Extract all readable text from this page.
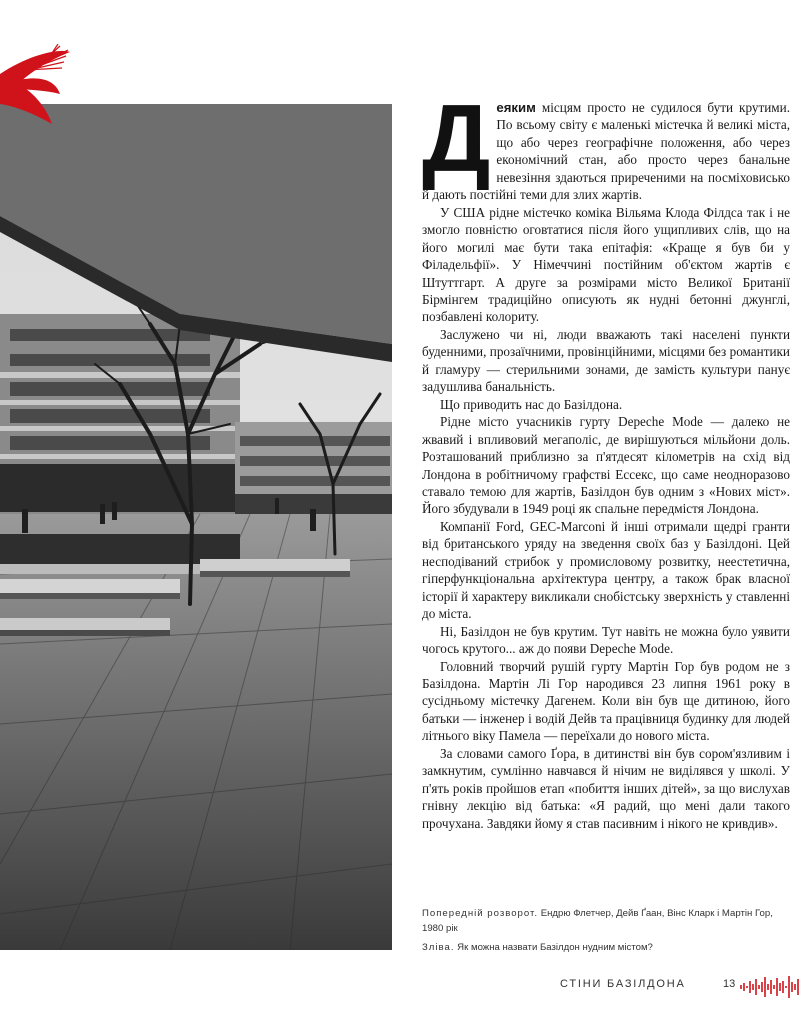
Деяким місцям просто не судилося бути крутими. По всьому світу є маленькі містечка й великі міста, що або через географічне положення, або через економічний стан, або просто через банальне невезіння здаються приреченими на посміховисько й дають постійні теми для злих жартів.

У США рідне містечко коміка Вільяма Клода Філдса так і не змогло повністю оговтатися після його ущипливих слів, що на його могилі має бути така епітафія: «Краще я був би у Філадельфії». У Німеччині постійним об'єктом жартів є Штуттгарт. А друге за розмірами місто Великої Британії Бірмінгем традиційно описують як нудні бетонні джунглі, позбавлені колориту.

Заслужено чи ні, люди вважають такі населені пункти буденними, прозаїчними, провінційними, місцями без романтики й гламуру — стерильними зонами, де замість культури панує задушлива банальність.

Що приводить нас до Базілдона.

Рідне місто учасників гурту Depeche Mode — далеко не жвавий і впливовий мегаполіс, де вирішуються мільйони доль. Розташований приблизно за п'ятдесят кілометрів на схід від Лондона в робітничому графстві Ессекс, що саме неодноразово ставало темою для жартів, Базілдон був одним з «Нових міст». Його збудували в 1949 році як спальне передмістя Лондона.

Компанії Ford, GEC-Marconi й інші отримали щедрі гранти від британського уряду на зведення своїх баз у Базілдоні. Цей несподіваний стрибок у промисловому розвитку, неестетична, гіперфункціональна архітектура центру, а також брак власної історії й характеру викликали снобістську зверхність у ставленні до міста.

Ні, Базілдон не був крутим. Тут навіть не можна було уявити чогось крутого... аж до появи Depeche Mode.

Головний творчий рушій гурту Мартін Гор був родом не з Базілдона. Мартін Лі Гор народився 23 липня 1961 року в сусідньому містечку Дагенем. Коли він був ще дитиною, його батьки — інженер і водій Дейв та працівниця будинку для людей літнього віку Памела — переїхали до нового міста.

За словами самого Ґора, в дитинстві він був сором'язливим і замкнутим, сумлінно навчався й нічим не виділявся у школі. У п'ять років пройшов етап «побиття інших дітей», за що вислухав гнівну лекцію від батька: «Я радий, що мені дали такого прочухана. Завдяки йому я став пасивним і нікого не кривдив».

Попередній розворот. Ендрю Флетчер, Дейв Ґаан, Вінс Кларк і Мартін Гор, 1980 рік

Зліва. Як можна назвати Базілдон нудним містом?

СТІНИ БАЗІЛДОНА	13
